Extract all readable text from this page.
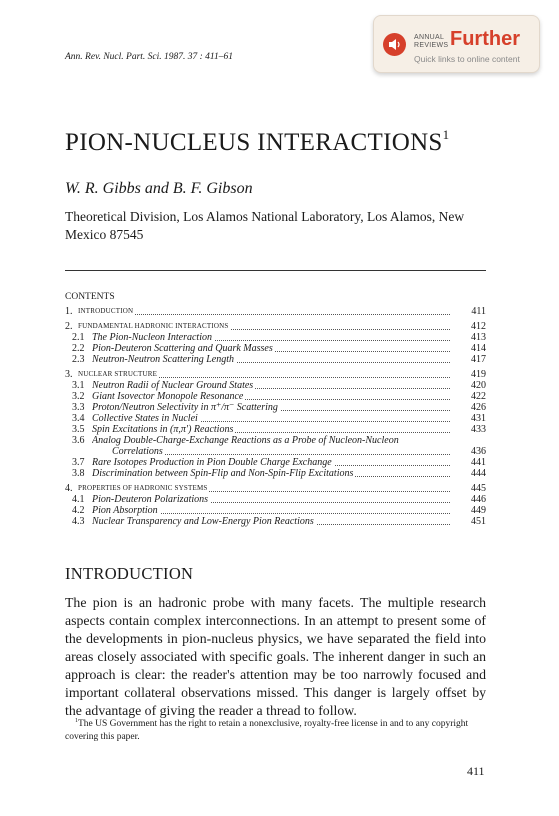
ANNUAL
REVIEWS Further
Quick links to online content
Ann. Rev. Nucl. Part. Sci. 1987. 37 : 411–61
PION-NUCLEUS INTERACTIONS$^1$
W. R. Gibbs and B. F. Gibson
Theoretical Division, Los Alamos National Laboratory, Los Alamos, New Mexico 87545
CONTENTS
1. INTRODUCTION	411
2. FUNDAMENTAL HADRONIC INTERACTIONS	412
2.1 The Pion-Nucleon Interaction	413
2.2 Pion-Deuteron Scattering and Quark Masses	414
2.3 Neutron-Neutron Scattering Length	417
3. NUCLEAR STRUCTURE	419
3.1 Neutron Radii of Nuclear Ground States	420
3.2 Giant Isovector Monopole Resonance	422
3.3 Proton/Neutron Selectivity in π⁺/π⁻ Scattering	426
3.4 Collective States in Nuclei	431
3.5 Spin Excitations in (π,π′) Reactions	433
3.6 Analog Double-Charge-Exchange Reactions as a Probe of Nucleon-Nucleon
Correlations	436
3.7 Rare Isotopes Production in Pion Double Charge Exchange	441
3.8 Discrimination between Spin-Flip and Non-Spin-Flip Excitations	444
4. PROPERTIES OF HADRONIC SYSTEMS	445
4.1 Pion-Deuteron Polarizations	446
4.2 Pion Absorption	449
4.3 Nuclear Transparency and Low-Energy Pion Reactions	451
INTRODUCTION
The pion is an hadronic probe with many facets. The multiple research aspects contain complex interconnections. In an attempt to present some of the developments in pion-nucleus physics, we have separated the field into areas closely associated with specific goals. The inherent danger in such an approach is clear: the reader's attention may be too narrowly focused and important collateral observations missed. This danger is largely offset by the advantage of giving the reader a thread to follow.
$^1$The US Government has the right to retain a nonexclusive, royalty-free license in and to any copyright covering this paper.
411
